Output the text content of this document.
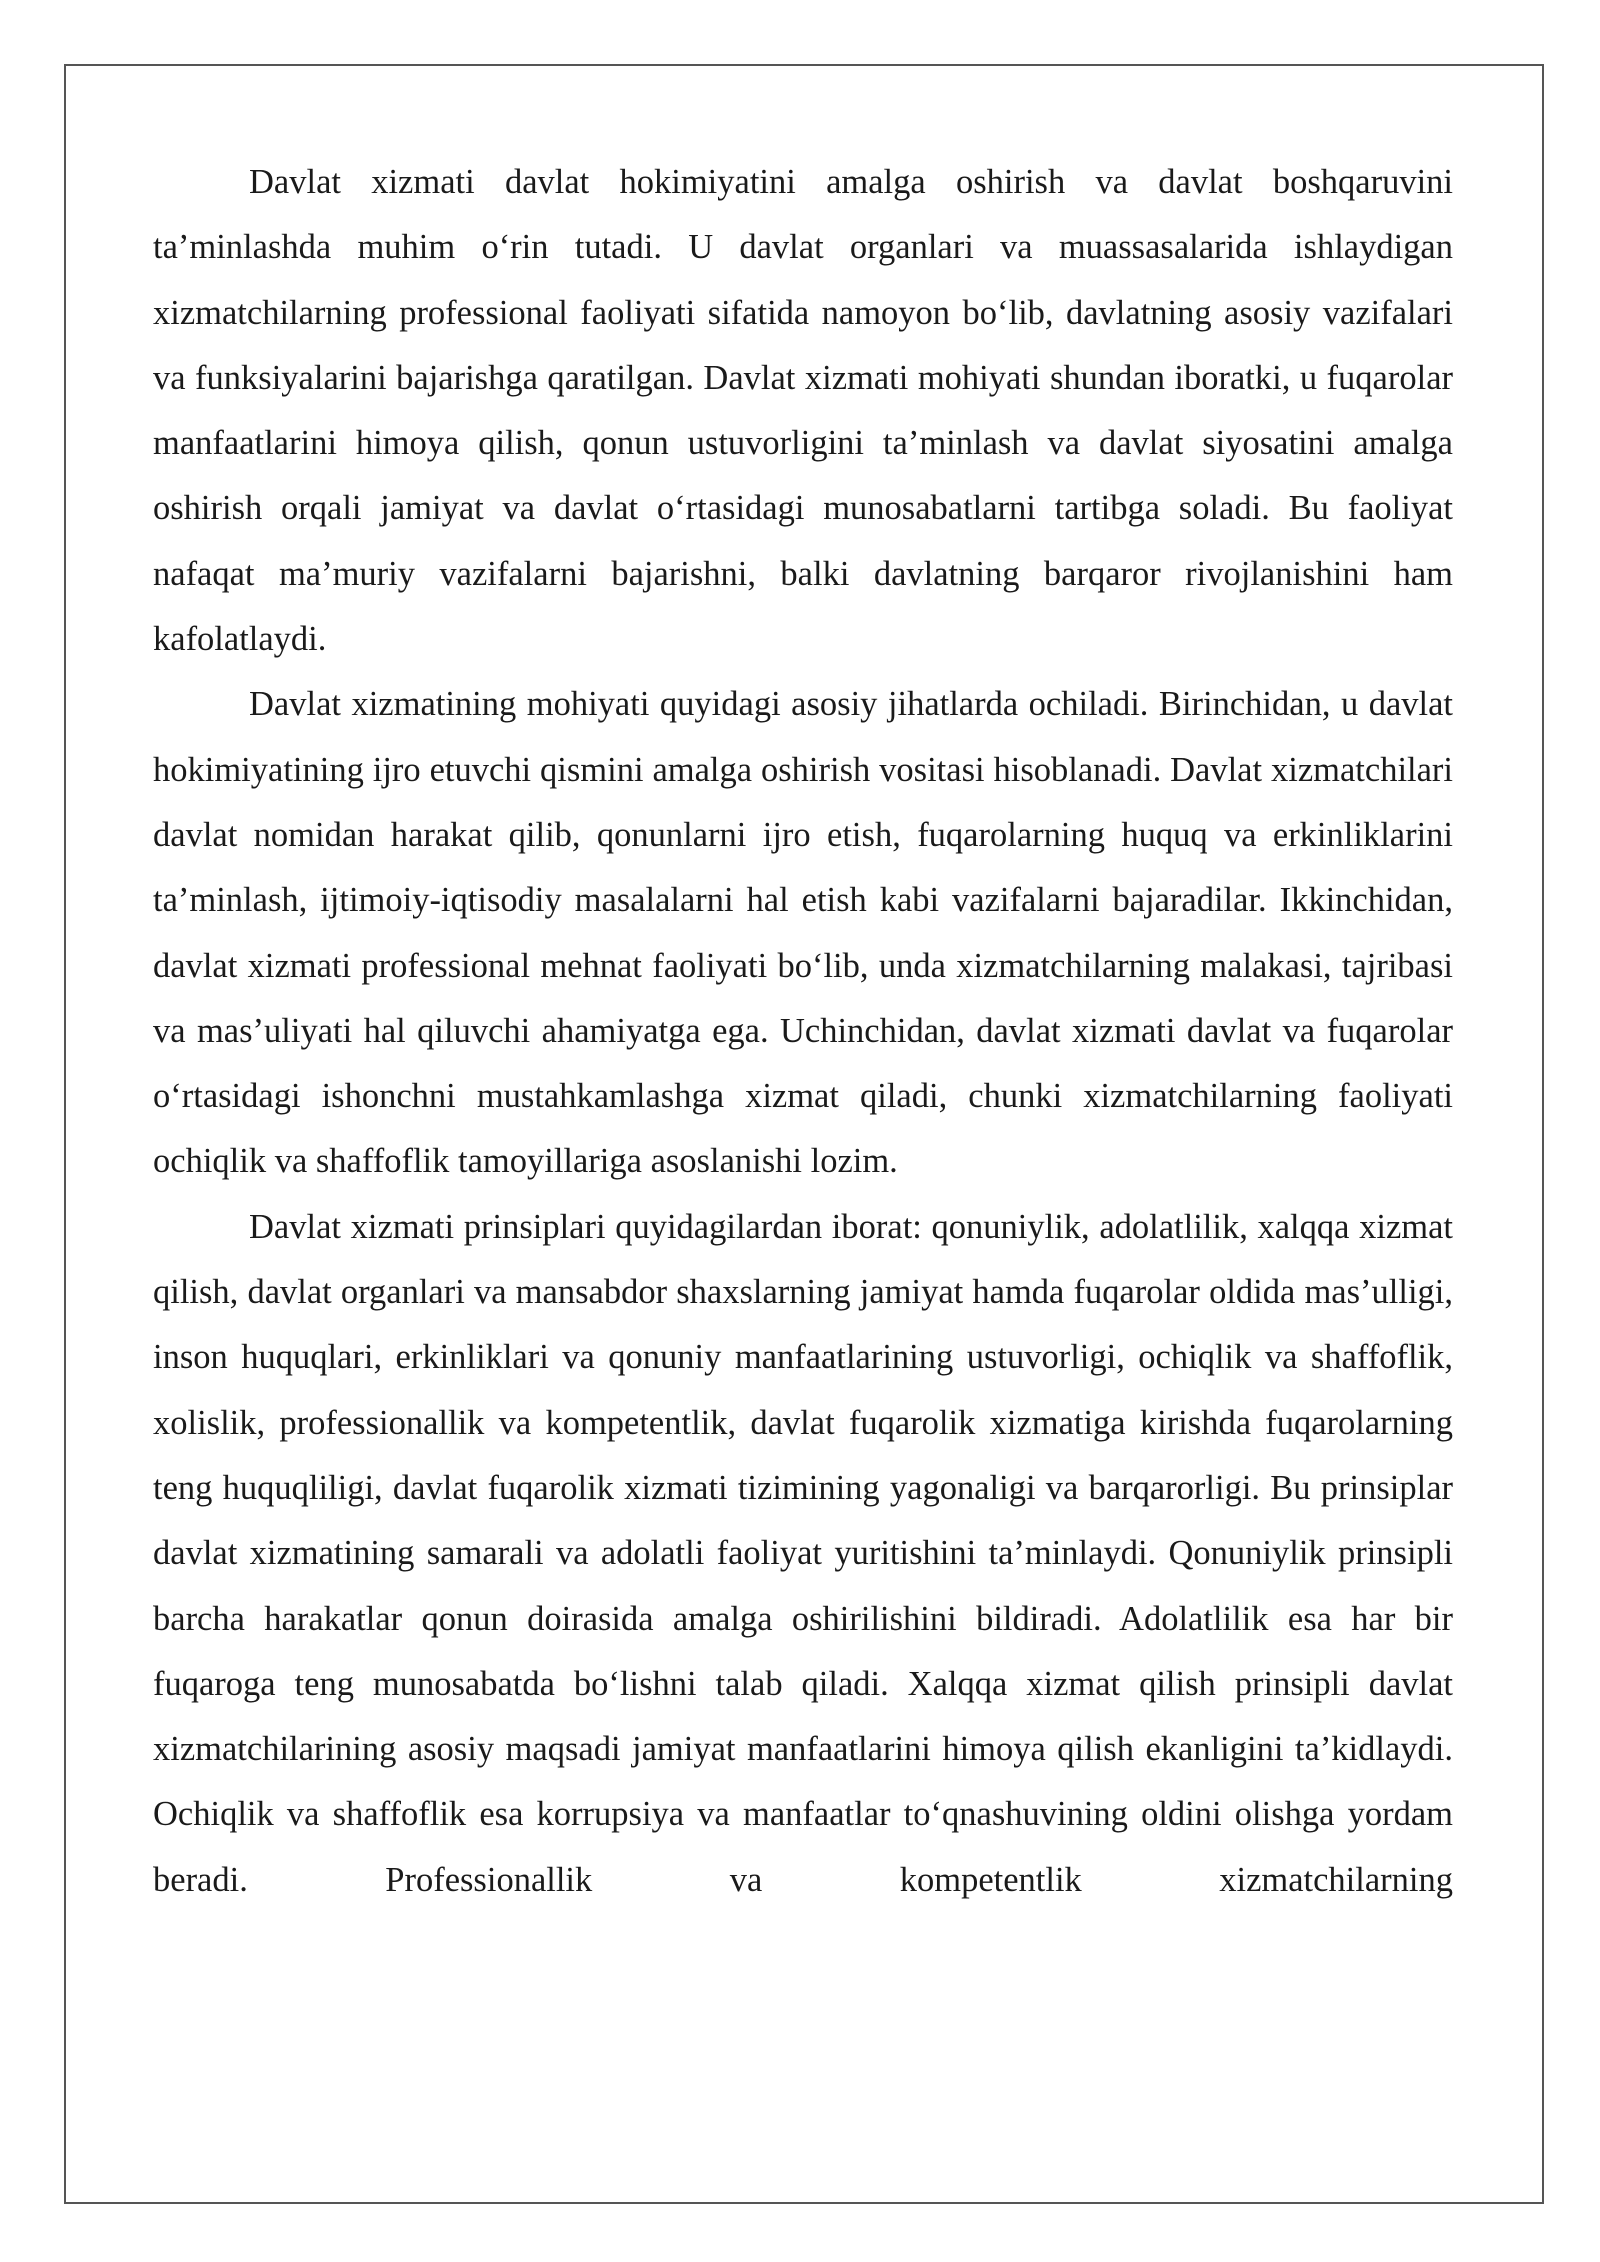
Davlat xizmati davlat hokimiyatini amalga oshirish va davlat boshqaruvini ta’minlashda muhim o‘rin tutadi. U davlat organlari va muassasalarida ishlaydigan xizmatchilarning professional faoliyati sifatida namoyon bo‘lib, davlatning asosiy vazifalari va funksiyalarini bajarishga qaratilgan. Davlat xizmati mohiyati shundan iboratki, u fuqarolar manfaatlarini himoya qilish, qonun ustuvorligini ta’minlash va davlat siyosatini amalga oshirish orqali jamiyat va davlat o‘rtasidagi munosabatlarni tartibga soladi. Bu faoliyat nafaqat ma’muriy vazifalarni bajarishni, balki davlatning barqaror rivojlanishini ham kafolatlaydi.

Davlat xizmatining mohiyati quyidagi asosiy jihatlarda ochiladi. Birinchidan, u davlat hokimiyatining ijro etuvchi qismini amalga oshirish vositasi hisoblanadi. Davlat xizmatchilari davlat nomidan harakat qilib, qonunlarni ijro etish, fuqarolarning huquq va erkinliklarini ta’minlash, ijtimoiy-iqtisodiy masalalarni hal etish kabi vazifalarni bajaradilar. Ikkinchidan, davlat xizmati professional mehnat faoliyati bo‘lib, unda xizmatchilarning malakasi, tajribasi va mas’uliyati hal qiluvchi ahamiyatga ega. Uchinchidan, davlat xizmati davlat va fuqarolar o‘rtasidagi ishonchni mustahkamlashga xizmat qiladi, chunki xizmatchilarning faoliyati ochiqlik va shaffoflik tamoyillariga asoslanishi lozim.

Davlat xizmati prinsiplari quyidagilardan iborat: qonuniylik, adolatlilik, xalqqa xizmat qilish, davlat organlari va mansabdor shaxslarning jamiyat hamda fuqarolar oldida mas’ulligi, inson huquqlari, erkinliklari va qonuniy manfaatlarining ustuvorligi, ochiqlik va shaffoflik, xolislik, professionallik va kompetentlik, davlat fuqarolik xizmatiga kirishda fuqarolarning teng huquqliligi, davlat fuqarolik xizmati tizimining yagonaligi va barqarorligi. Bu prinsiplar davlat xizmatining samarali va adolatli faoliyat yuritishini ta’minlaydi. Qonuniylik prinsipli barcha harakatlar qonun doirasida amalga oshirilishini bildiradi. Adolatlilik esa har bir fuqaroga teng munosabatda bo‘lishni talab qiladi. Xalqqa xizmat qilish prinsipli davlat xizmatchilarining asosiy maqsadi jamiyat manfaatlarini himoya qilish ekanligini ta’kidlaydi. Ochiqlik va shaffoflik esa korrupsiya va manfaatlar to‘qnashuvining oldini olishga yordam beradi. Professionallik va kompetentlik xizmatchilarning
